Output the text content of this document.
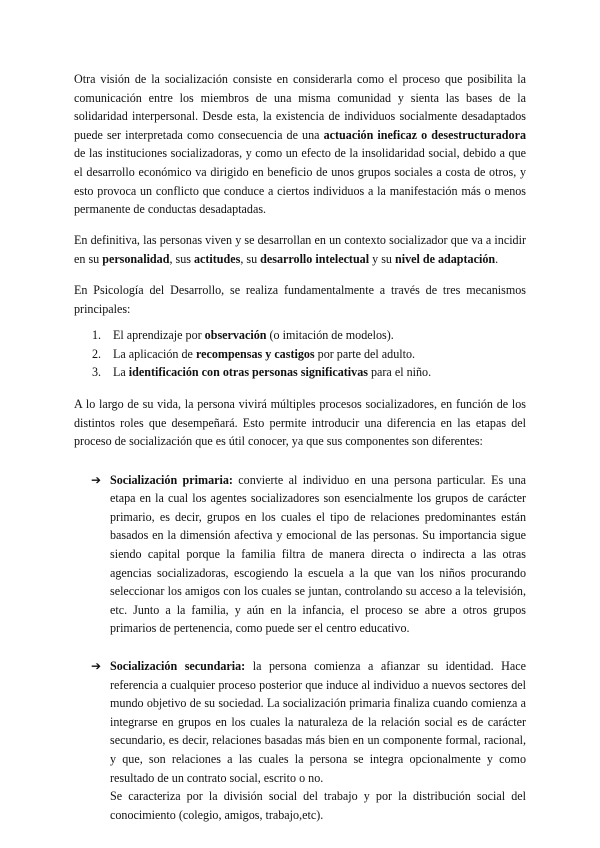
Otra visión de la socialización consiste en considerarla como el proceso que posibilita la comunicación entre los miembros de una misma comunidad y sienta las bases de la solidaridad interpersonal. Desde esta, la existencia de individuos socialmente desadaptados puede ser interpretada como consecuencia de una actuación ineficaz o desestructuradora de las instituciones socializadoras, y como un efecto de la insolidaridad social, debido a que el desarrollo económico va dirigido en beneficio de unos grupos sociales a costa de otros, y esto provoca un conflicto que conduce a ciertos individuos a la manifestación más o menos permanente de conductas desadaptadas.

En definitiva, las personas viven y se desarrollan en un contexto socializador que va a incidir en su personalidad, sus actitudes, su desarrollo intelectual y su nivel de adaptación.

En Psicología del Desarrollo, se realiza fundamentalmente a través de tres mecanismos principales:

1. El aprendizaje por observación (o imitación de modelos).
2. La aplicación de recompensas y castigos por parte del adulto.
3. La identificación con otras personas significativas para el niño.

A lo largo de su vida, la persona vivirá múltiples procesos socializadores, en función de los distintos roles que desempeñará. Esto permite introducir una diferencia en las etapas del proceso de socialización que es útil conocer, ya que sus componentes son diferentes:

➔ Socialización primaria: convierte al individuo en una persona particular. Es una etapa en la cual los agentes socializadores son esencialmente los grupos de carácter primario, es decir, grupos en los cuales el tipo de relaciones predominantes están basados en la dimensión afectiva y emocional de las personas. Su importancia sigue siendo capital porque la familia filtra de manera directa o indirecta a las otras agencias socializadoras, escogiendo la escuela a la que van los niños procurando seleccionar los amigos con los cuales se juntan, controlando su acceso a la televisión, etc. Junto a la familia, y aún en la infancia, el proceso se abre a otros grupos primarios de pertenencia, como puede ser el centro educativo.

➔ Socialización secundaria: la persona comienza a afianzar su identidad. Hace referencia a cualquier proceso posterior que induce al individuo a nuevos sectores del mundo objetivo de su sociedad. La socialización primaria finaliza cuando comienza a integrarse en grupos en los cuales la naturaleza de la relación social es de carácter secundario, es decir, relaciones basadas más bien en un componente formal, racional, y que, son relaciones a las cuales la persona se integra opcionalmente y como resultado de un contrato social, escrito o no.

Se caracteriza por la división social del trabajo y por la distribución social del conocimiento (colegio, amigos, trabajo,etc).
